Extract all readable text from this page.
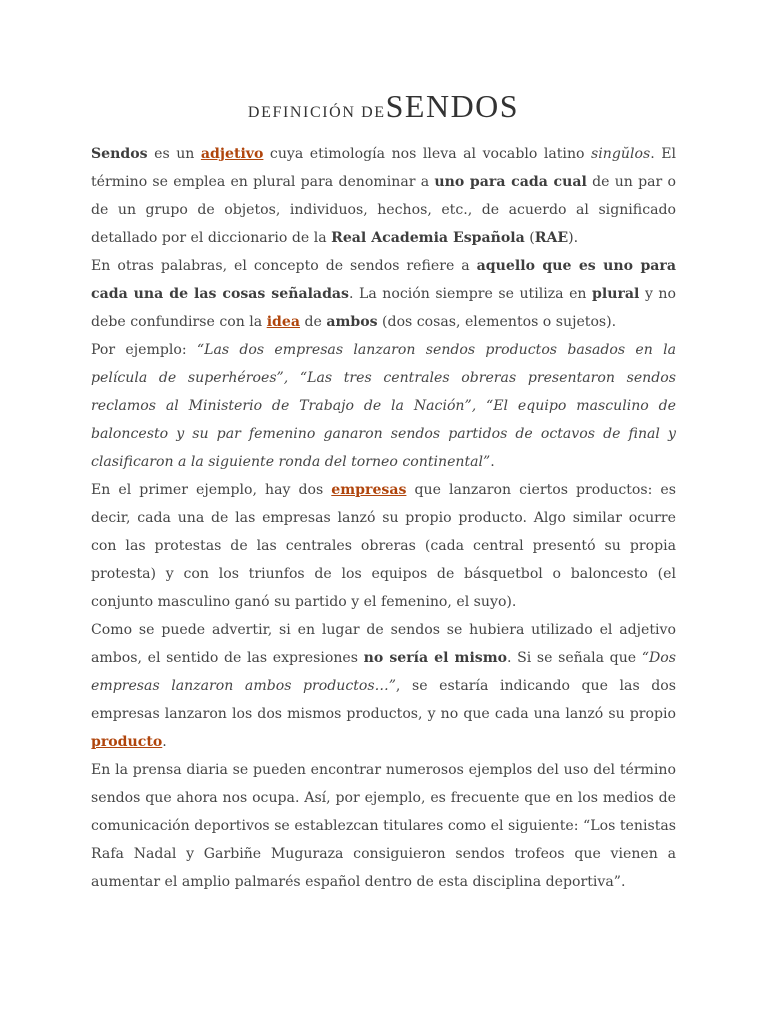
DEFINICIÓN DESENDOS

Sendos es un adjetivo cuya etimología nos lleva al vocablo latino singŭlos. El término se emplea en plural para denominar a uno para cada cual de un par o de un grupo de objetos, individuos, hechos, etc., de acuerdo al significado detallado por el diccionario de la Real Academia Española (RAE).

En otras palabras, el concepto de sendos refiere a aquello que es uno para cada una de las cosas señaladas. La noción siempre se utiliza en plural y no debe confundirse con la idea de ambos (dos cosas, elementos o sujetos).

Por ejemplo: “Las dos empresas lanzaron sendos productos basados en la película de superhéroes”, “Las tres centrales obreras presentaron sendos reclamos al Ministerio de Trabajo de la Nación”, “El equipo masculino de baloncesto y su par femenino ganaron sendos partidos de octavos de final y clasificaron a la siguiente ronda del torneo continental”.

En el primer ejemplo, hay dos empresas que lanzaron ciertos productos: es decir, cada una de las empresas lanzó su propio producto. Algo similar ocurre con las protestas de las centrales obreras (cada central presentó su propia protesta) y con los triunfos de los equipos de básquetbol o baloncesto (el conjunto masculino ganó su partido y el femenino, el suyo).

Como se puede advertir, si en lugar de sendos se hubiera utilizado el adjetivo ambos, el sentido de las expresiones no sería el mismo. Si se señala que “Dos empresas lanzaron ambos productos…”, se estaría indicando que las dos empresas lanzaron los dos mismos productos, y no que cada una lanzó su propio producto.

En la prensa diaria se pueden encontrar numerosos ejemplos del uso del término sendos que ahora nos ocupa. Así, por ejemplo, es frecuente que en los medios de comunicación deportivos se establezcan titulares como el siguiente: “Los tenistas Rafa Nadal y Garbiñe Muguraza consiguieron sendos trofeos que vienen a aumentar el amplio palmarés español dentro de esta disciplina deportiva”.
